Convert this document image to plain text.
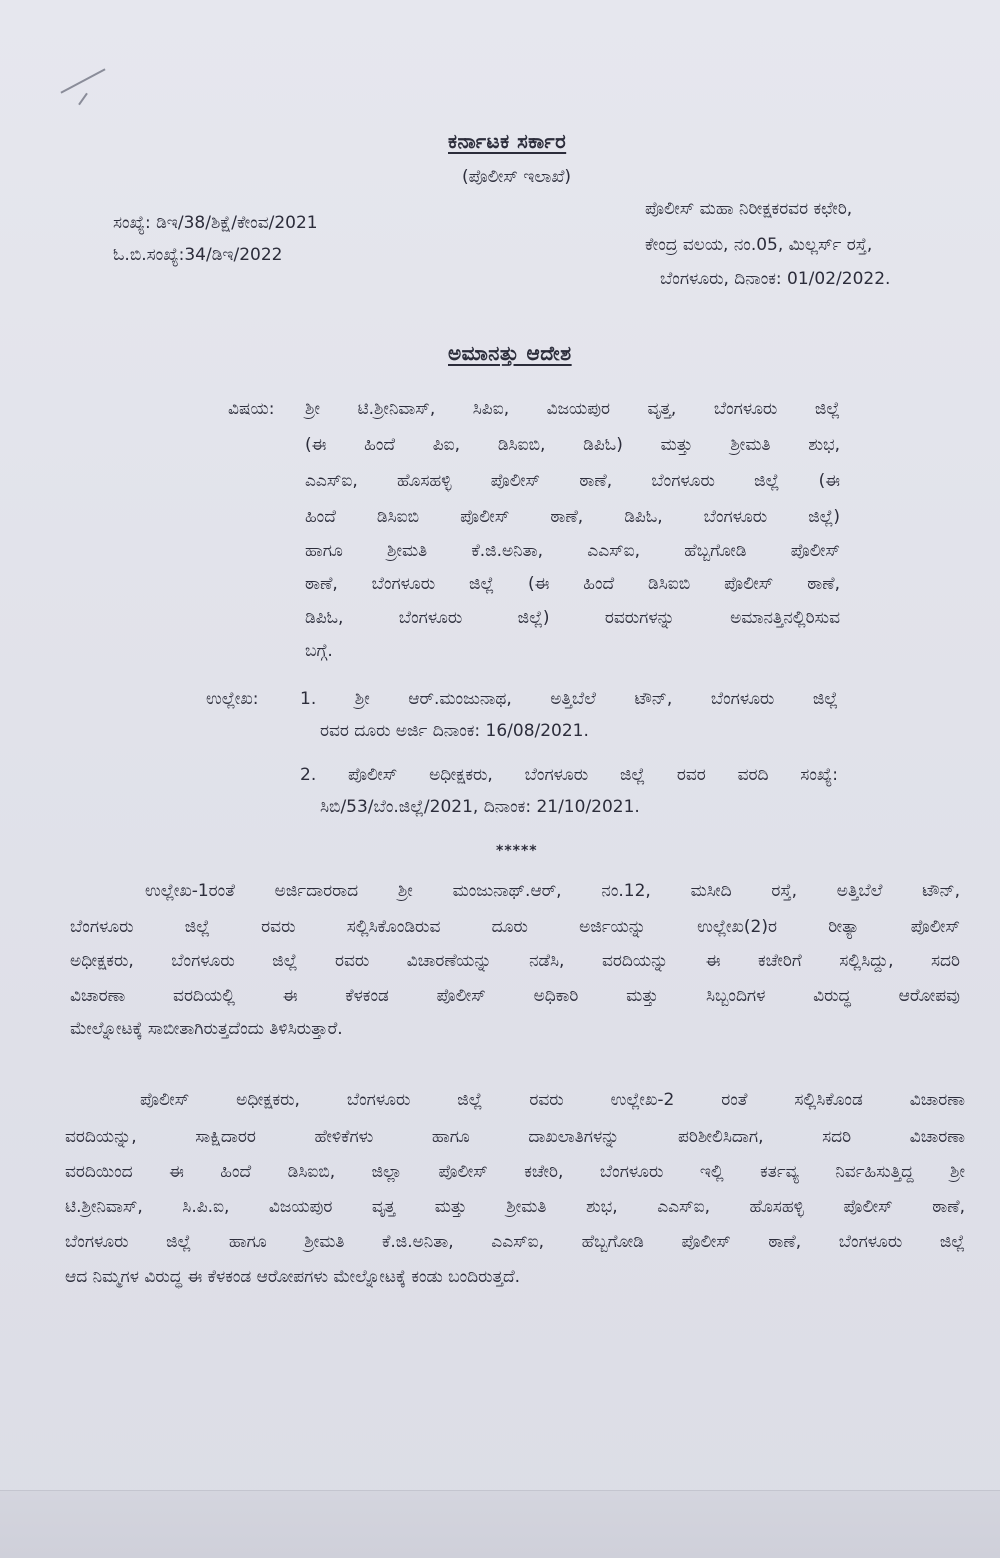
ಕರ್ನಾಟಕ ಸರ್ಕಾರ
(ಪೊಲೀಸ್ ಇಲಾಖೆ)
ಸಂಖ್ಯೆ: ಡಿಇ/38/ಶಿಕ್ಷೆ/ಕೇಂವ/2021
ಓ.ಬಿ.ಸಂಖ್ಯೆ:34/ಡಿಇ/2022
ಪೊಲೀಸ್ ಮಹಾ ನಿರೀಕ್ಷಕರವರ ಕಛೇರಿ,
ಕೇಂದ್ರ ವಲಯ, ನಂ.05, ಮಿಲ್ಲರ್ಸ್ ರಸ್ತೆ,
ಬೆಂಗಳೂರು, ದಿನಾಂಕ: 01/02/2022.
ಅಮಾನತ್ತು ಆದೇಶ
ವಿಷಯ: ಶ್ರೀ ಟಿ.ಶ್ರೀನಿವಾಸ್, ಸಿಪಿಐ, ವಿಜಯಪುರ ವೃತ್ತ, ಬೆಂಗಳೂರು ಜಿಲ್ಲೆ
(ಈ ಹಿಂದೆ ಪಿಐ, ಡಿಸಿಐಬಿ, ಡಿಪಿಓ) ಮತ್ತು ಶ್ರೀಮತಿ ಶುಭ,
ಎಎಸ್ಐ, ಹೊಸಹಳ್ಳಿ ಪೊಲೀಸ್ ಠಾಣೆ, ಬೆಂಗಳೂರು ಜಿಲ್ಲೆ (ಈ
ಹಿಂದೆ ಡಿಸಿಐಬಿ ಪೊಲೀಸ್ ಠಾಣೆ, ಡಿಪಿಓ, ಬೆಂಗಳೂರು ಜಿಲ್ಲೆ)
ಹಾಗೂ ಶ್ರೀಮತಿ ಕೆ.ಜಿ.ಅನಿತಾ, ಎಎಸ್ಐ, ಹೆಬ್ಬಗೋಡಿ ಪೊಲೀಸ್
ಠಾಣೆ, ಬೆಂಗಳೂರು ಜಿಲ್ಲೆ (ಈ ಹಿಂದೆ ಡಿಸಿಐಬಿ ಪೊಲೀಸ್ ಠಾಣೆ,
ಡಿಪಿಓ, ಬೆಂಗಳೂರು ಜಿಲ್ಲೆ) ರವರುಗಳನ್ನು ಅಮಾನತ್ತಿನಲ್ಲಿರಿಸುವ
ಬಗ್ಗೆ.
ಉಲ್ಲೇಖ: 1. ಶ್ರೀ ಆರ್.ಮಂಜುನಾಥ, ಅತ್ತಿಬೆಲೆ ಟೌನ್, ಬೆಂಗಳೂರು ಜಿಲ್ಲೆ
ರವರ ದೂರು ಅರ್ಜಿ ದಿನಾಂಕ: 16/08/2021.
2. ಪೊಲೀಸ್ ಅಧೀಕ್ಷಕರು, ಬೆಂಗಳೂರು ಜಿಲ್ಲೆ ರವರ ವರದಿ ಸಂಖ್ಯೆ:
ಸಿಬಿ/53/ಬೆಂ.ಜಿಲ್ಲೆ/2021, ದಿನಾಂಕ: 21/10/2021.
*****
ಉಲ್ಲೇಖ-1ರಂತೆ ಅರ್ಜಿದಾರರಾದ ಶ್ರೀ ಮಂಜುನಾಥ್.ಆರ್, ನಂ.12, ಮಸೀದಿ ರಸ್ತೆ, ಅತ್ತಿಬೆಲೆ ಟೌನ್,
ಬೆಂಗಳೂರು ಜಿಲ್ಲೆ ರವರು ಸಲ್ಲಿಸಿಕೊಂಡಿರುವ ದೂರು ಅರ್ಜಿಯನ್ನು ಉಲ್ಲೇಖ(2)ರ ರೀತ್ಯಾ ಪೊಲೀಸ್
ಅಧೀಕ್ಷಕರು, ಬೆಂಗಳೂರು ಜಿಲ್ಲೆ ರವರು ವಿಚಾರಣೆಯನ್ನು ನಡೆಸಿ, ವರದಿಯನ್ನು ಈ ಕಚೇರಿಗೆ ಸಲ್ಲಿಸಿದ್ದು, ಸದರಿ
ವಿಚಾರಣಾ ವರದಿಯಲ್ಲಿ ಈ ಕೆಳಕಂಡ ಪೊಲೀಸ್ ಅಧಿಕಾರಿ ಮತ್ತು ಸಿಬ್ಬಂದಿಗಳ ವಿರುದ್ಧ ಆರೋಪವು
ಮೇಲ್ನೋಟಕ್ಕೆ ಸಾಬೀತಾಗಿರುತ್ತದೆಂದು ತಿಳಿಸಿರುತ್ತಾರೆ.
ಪೊಲೀಸ್ ಅಧೀಕ್ಷಕರು, ಬೆಂಗಳೂರು ಜಿಲ್ಲೆ ರವರು ಉಲ್ಲೇಖ-2 ರಂತೆ ಸಲ್ಲಿಸಿಕೊಂಡ ವಿಚಾರಣಾ
ವರದಿಯನ್ನು, ಸಾಕ್ಷಿದಾರರ ಹೇಳಿಕೆಗಳು ಹಾಗೂ ದಾಖಲಾತಿಗಳನ್ನು ಪರಿಶೀಲಿಸಿದಾಗ, ಸದರಿ ವಿಚಾರಣಾ
ವರದಿಯಿಂದ ಈ ಹಿಂದೆ ಡಿಸಿಐಬಿ, ಜಿಲ್ಲಾ ಪೊಲೀಸ್ ಕಚೇರಿ, ಬೆಂಗಳೂರು ಇಲ್ಲಿ ಕರ್ತವ್ಯ ನಿರ್ವಹಿಸುತ್ತಿದ್ದ ಶ್ರೀ
ಟಿ.ಶ್ರೀನಿವಾಸ್, ಸಿ.ಪಿ.ಐ, ವಿಜಯಪುರ ವೃತ್ತ ಮತ್ತು ಶ್ರೀಮತಿ ಶುಭ, ಎಎಸ್ಐ, ಹೊಸಹಳ್ಳಿ ಪೊಲೀಸ್ ಠಾಣೆ,
ಬೆಂಗಳೂರು ಜಿಲ್ಲೆ ಹಾಗೂ ಶ್ರೀಮತಿ ಕೆ.ಜಿ.ಅನಿತಾ, ಎಎಸ್ಐ, ಹೆಬ್ಬಗೋಡಿ ಪೊಲೀಸ್ ಠಾಣೆ, ಬೆಂಗಳೂರು ಜಿಲ್ಲೆ
ಆದ ನಿಮ್ಮಗಳ ವಿರುದ್ಧ ಈ ಕೆಳಕಂಡ ಆರೋಪಗಳು ಮೇಲ್ನೋಟಕ್ಕೆ ಕಂಡು ಬಂದಿರುತ್ತದೆ.
